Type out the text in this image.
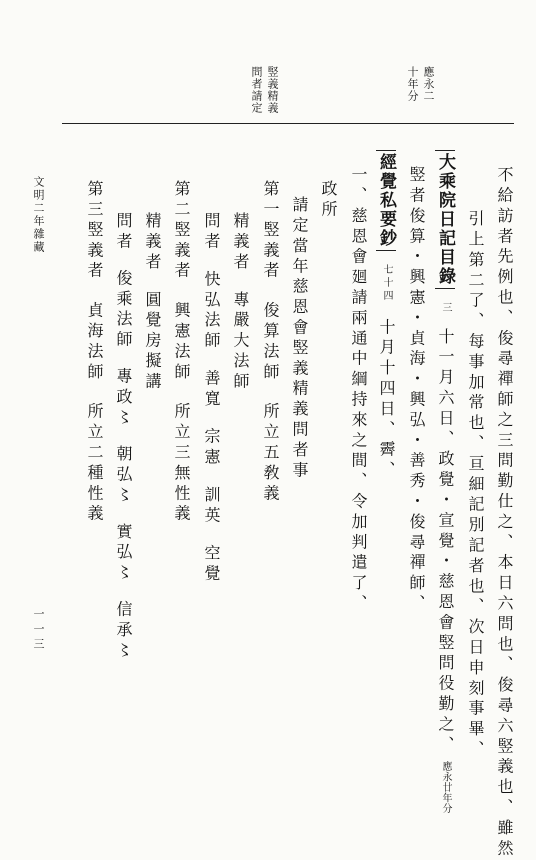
應永二十年分
竪義精義問者請定
文明二年雜藏
一一三	不給訪者先例也、俊尋禪師之三問勤仕之、本日六問也、俊尋六竪義也、雖然
引上第二了、每事加常也、亘細記別記者也、次日申刻事畢、
大乘院日記目錄 三 十一月六日、政覺・宣覺・慈恩會竪問役勤之、 應永廿年分
竪者俊算・興憲・貞海・興弘・善秀・俊尋禪師、
經覺私要鈔 七十四 十月十四日、霽、
一、慈恩會廻請兩通中綱持來之間、令加判遣了、
政所
請定當年慈恩會竪義精義問者事
第一竪義者 俊算法師 所立五敎義
精義者 專嚴大法師
問者 快弘法師 善寬 宗憲 訓英 空覺
第二竪義者 興憲法師 所立三無性義
精義者 圓覺房擬講
問者 俊乘法師 專政〻 朝弘〻 實弘〻 信承〻
第三竪義者 貞海法師 所立二種性義
